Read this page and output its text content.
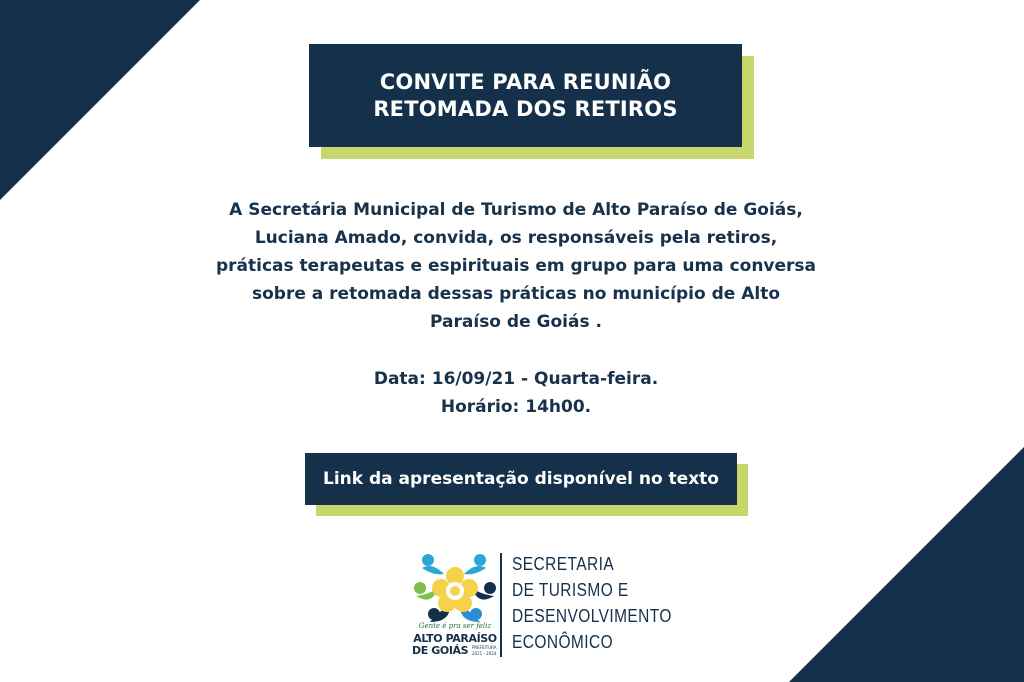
CONVITE PARA REUNIÃO
RETOMADA DOS RETIROS
A Secretária Municipal de Turismo de Alto Paraíso de Goiás,
Luciana Amado, convida, os responsáveis pela retiros,
práticas terapeutas e espirituais em grupo para uma conversa
sobre a retomada dessas práticas no município de Alto
Paraíso de Goiás .
Data: 16/09/21 - Quarta-feira.
Horário: 14h00.
Link da apresentação disponível no texto
Gente é pra ser feliz
ALTO PARAÍSO
DE GOIÁS PREFEITURA
2021 - 2024
SECRETARIA
DE TURISMO E
DESENVOLVIMENTO
ECONÔMICO
